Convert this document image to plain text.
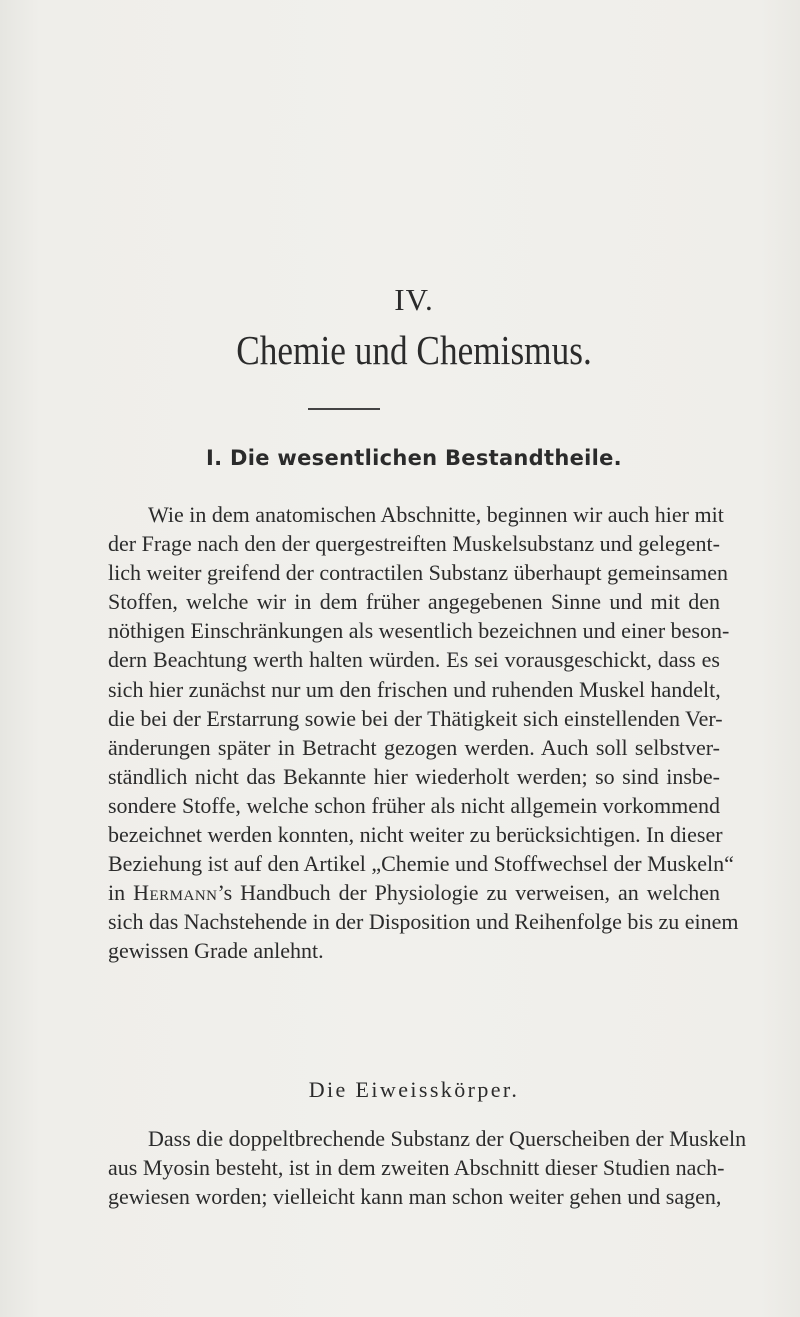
IV.
Chemie und Chemismus.
I. Die wesentlichen Bestandtheile.
Wie in dem anatomischen Abschnitte, beginnen wir auch hier mit
der Frage nach den der quergestreiften Muskelsubstanz und gelegent-
lich weiter greifend der contractilen Substanz überhaupt gemeinsamen
Stoffen, welche wir in dem früher angegebenen Sinne und mit den
nöthigen Einschränkungen als wesentlich bezeichnen und einer beson-
dern Beachtung werth halten würden. Es sei vorausgeschickt, dass es
sich hier zunächst nur um den frischen und ruhenden Muskel handelt,
die bei der Erstarrung sowie bei der Thätigkeit sich einstellenden Ver-
änderungen später in Betracht gezogen werden. Auch soll selbstver-
ständlich nicht das Bekannte hier wiederholt werden; so sind insbe-
sondere Stoffe, welche schon früher als nicht allgemein vorkommend
bezeichnet werden konnten, nicht weiter zu berücksichtigen. In dieser
Beziehung ist auf den Artikel „Chemie und Stoffwechsel der Muskeln“
in Hermann’s Handbuch der Physiologie zu verweisen, an welchen
sich das Nachstehende in der Disposition und Reihenfolge bis zu einem
gewissen Grade anlehnt.
Die Eiweisskörper.
Dass die doppeltbrechende Substanz der Querscheiben der Muskeln
aus Myosin besteht, ist in dem zweiten Abschnitt dieser Studien nach-
gewiesen worden; vielleicht kann man schon weiter gehen und sagen,
